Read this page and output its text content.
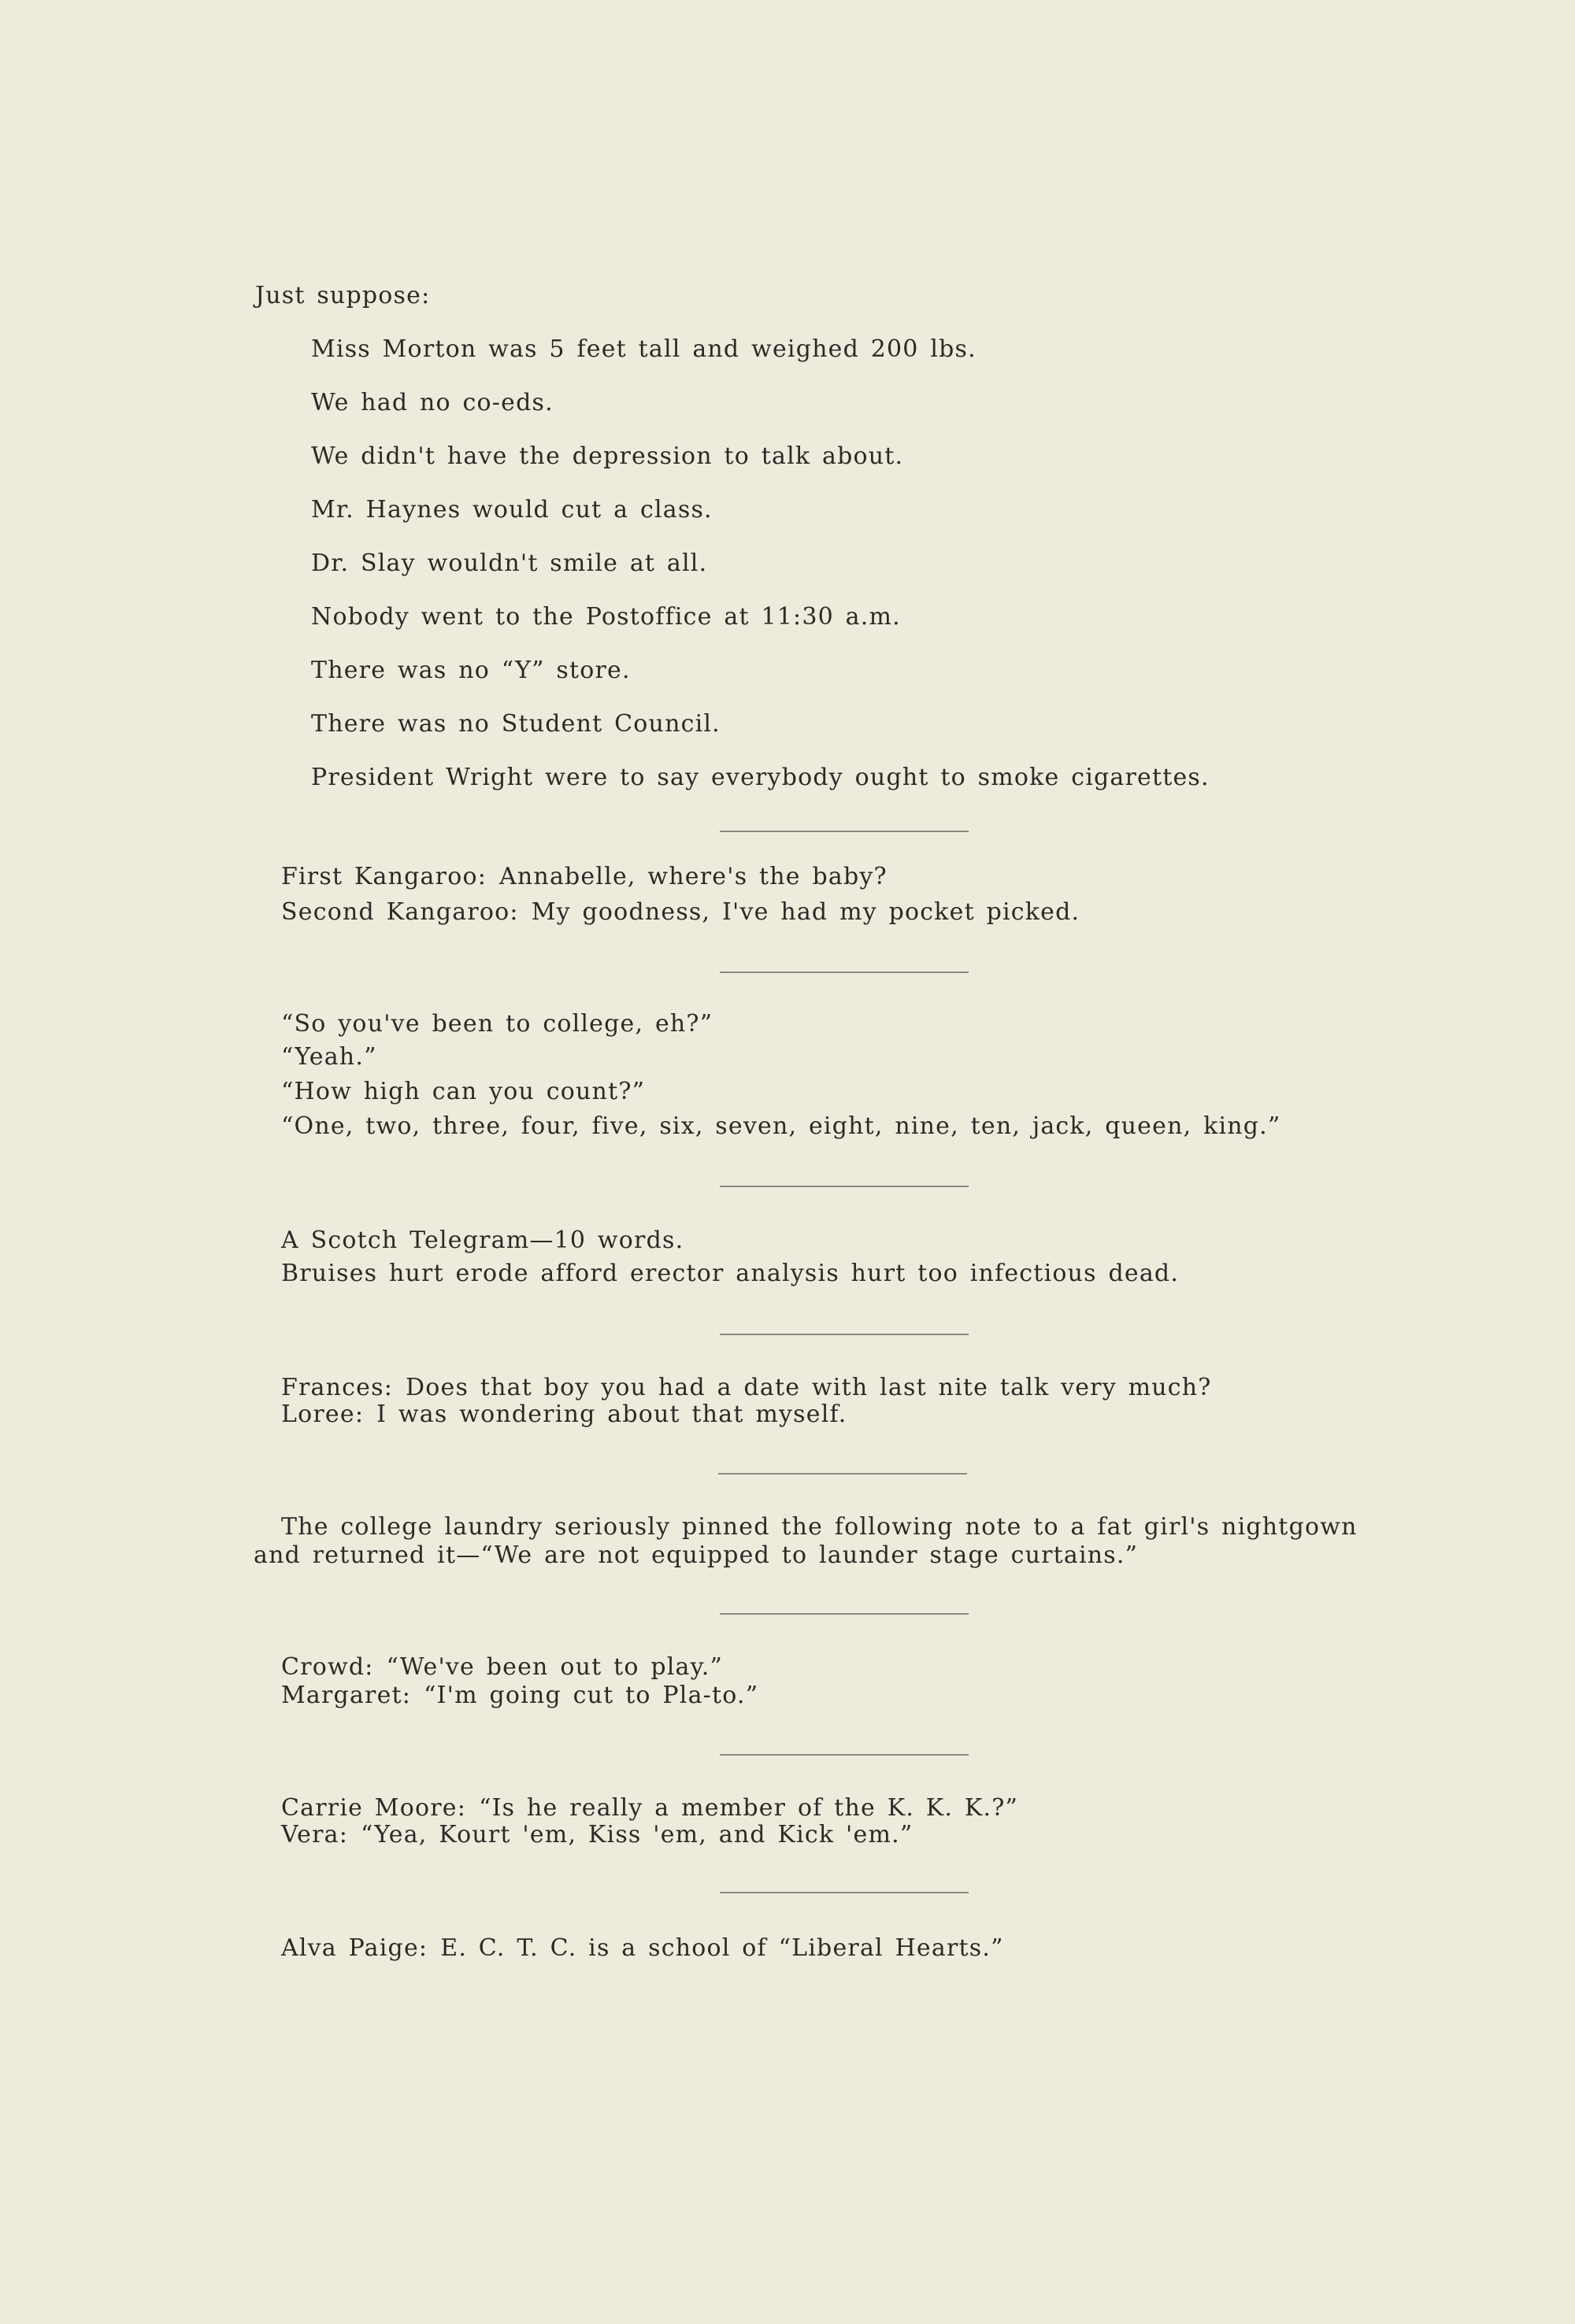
Just suppose:
Miss Morton was 5 feet tall and weighed 200 lbs.
We had no co-eds.
We didn't have the depression to talk about.
Mr. Haynes would cut a class.
Dr. Slay wouldn't smile at all.
Nobody went to the Postoffice at 11:30 a.m.
There was no “Y” store.
There was no Student Council.
President Wright were to say everybody ought to smoke cigarettes.
First Kangaroo: Annabelle, where's the baby?
Second Kangaroo: My goodness, I've had my pocket picked.
“So you've been to college, eh?”
“Yeah.”
“How high can you count?”
“One, two, three, four, five, six, seven, eight, nine, ten, jack, queen, king.”
A Scotch Telegram—10 words.
Bruises hurt erode afford erector analysis hurt too infectious dead.
Frances: Does that boy you had a date with last nite talk very much?
Loree: I was wondering about that myself.
The college laundry seriously pinned the following note to a fat girl's nightgown
and returned it—“We are not equipped to launder stage curtains.”
Crowd: “We've been out to play.”
Margaret: “I'm going cut to Pla-to.”
Carrie Moore: “Is he really a member of the K. K. K.?”
Vera: “Yea, Kourt 'em, Kiss 'em, and Kick 'em.”
Alva Paige: E. C. T. C. is a school of “Liberal Hearts.”
